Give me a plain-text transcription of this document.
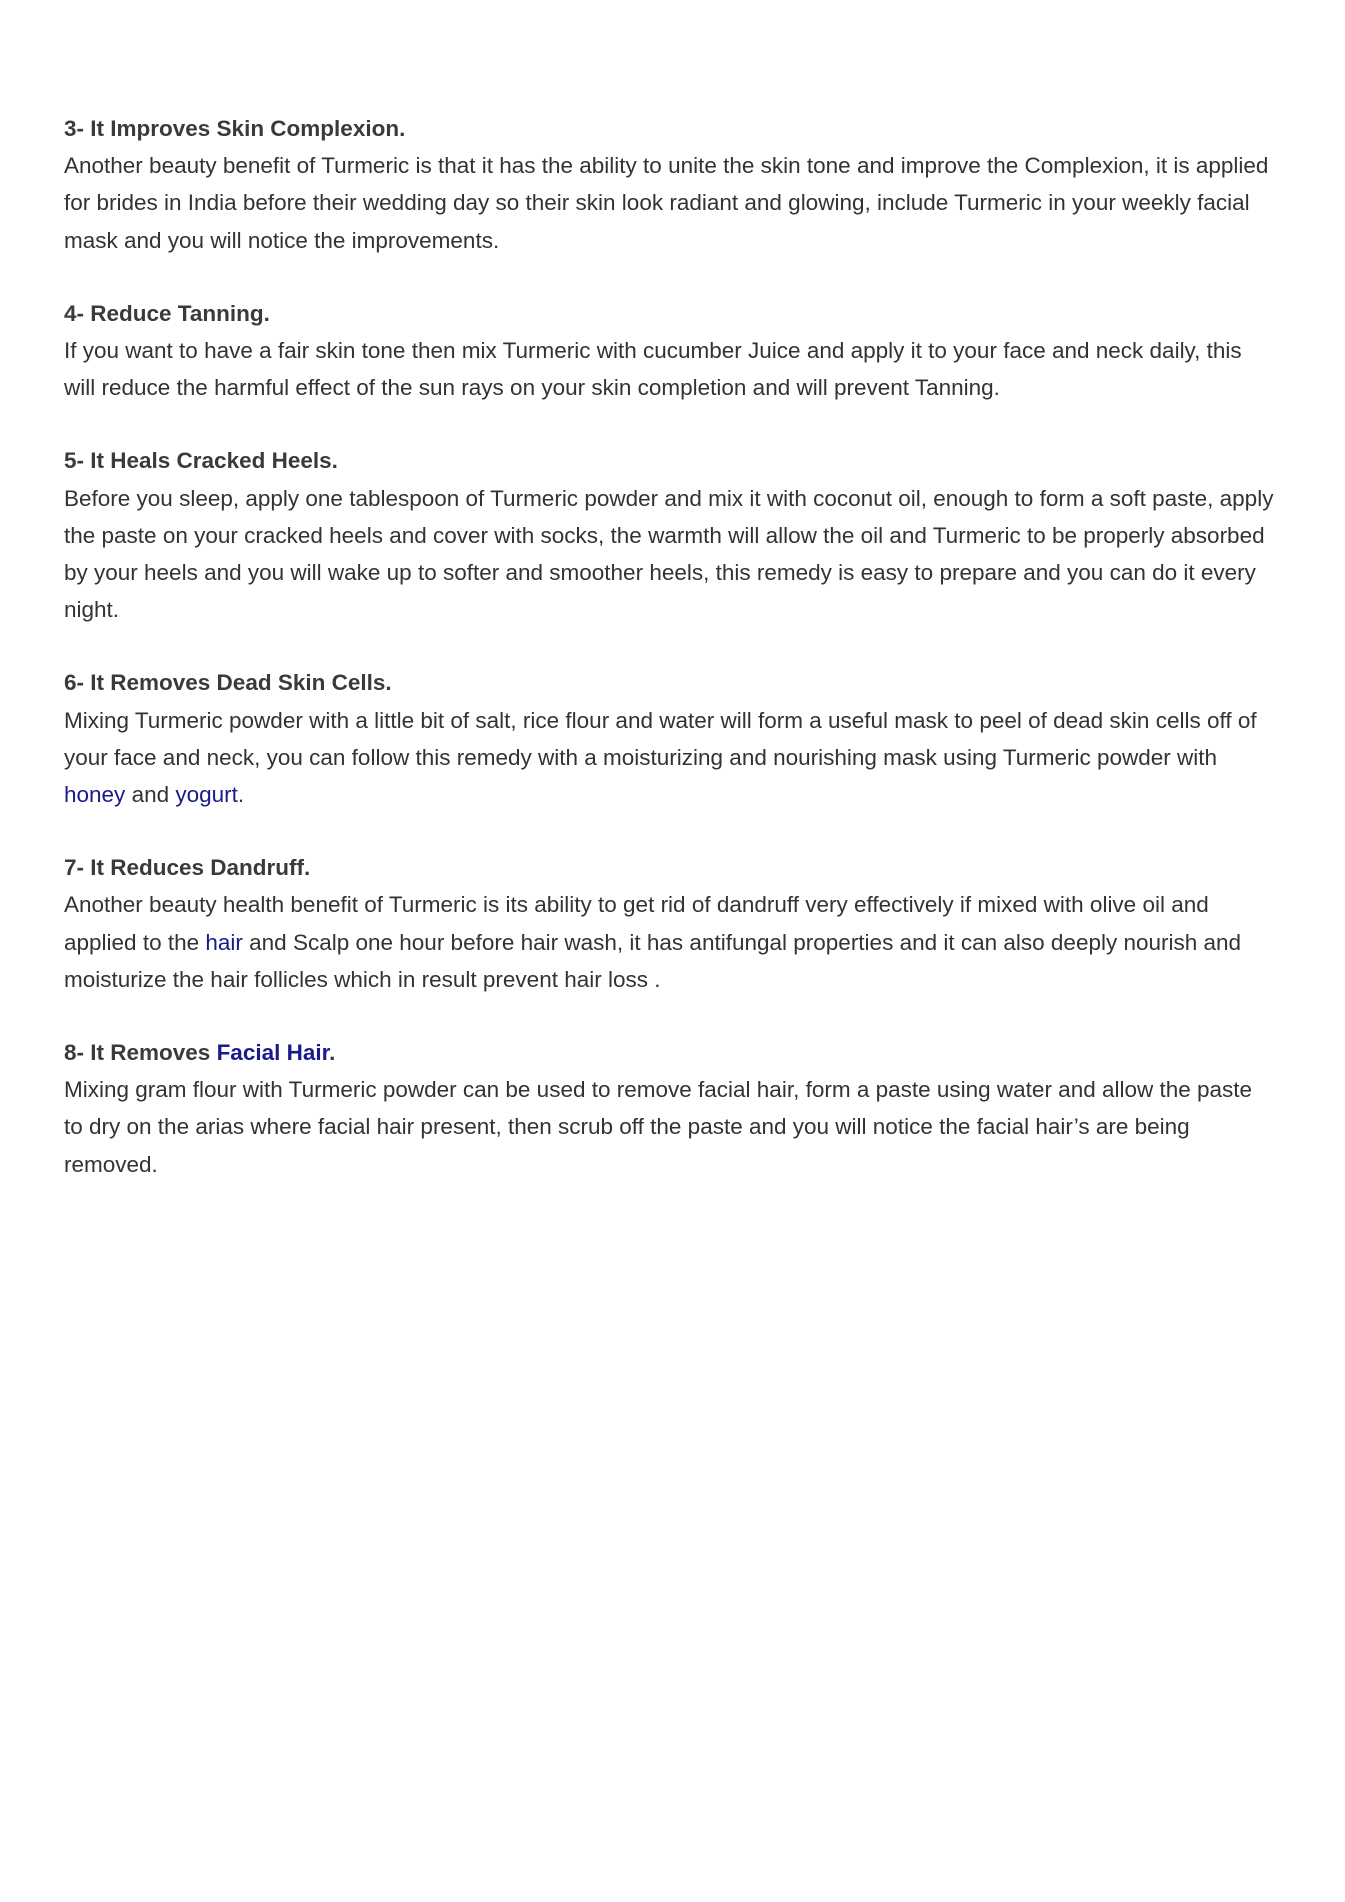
3- It Improves Skin Complexion.

Another beauty benefit of Turmeric is that it has the ability to unite the skin tone and improve the Complexion, it is applied for brides in India before their wedding day so their skin look radiant and glowing, include Turmeric in your weekly facial mask and you will notice the improvements.

4- Reduce Tanning.

If you want to have a fair skin tone then mix Turmeric with cucumber Juice and apply it to your face and neck daily, this will reduce the harmful effect of the sun rays on your skin completion and will prevent Tanning.

5- It Heals Cracked Heels.

Before you sleep, apply one tablespoon of Turmeric powder and mix it with coconut oil, enough to form a soft paste, apply the paste on your cracked heels and cover with socks, the warmth will allow the oil and Turmeric to be properly absorbed by your heels and you will wake up to softer and smoother heels, this remedy is easy to prepare and you can do it every night.

6- It Removes Dead Skin Cells.

Mixing Turmeric powder with a little bit of salt, rice flour and water will form a useful mask to peel of dead skin cells off of your face and neck, you can follow this remedy with a moisturizing and nourishing mask using Turmeric powder with honey and yogurt.

7- It Reduces Dandruff.

Another beauty health benefit of Turmeric is its ability to get rid of dandruff very effectively if mixed with olive oil and applied to the hair and Scalp one hour before hair wash, it has antifungal properties and it can also deeply nourish and moisturize the hair follicles which in result prevent hair loss .

8- It Removes Facial Hair.

Mixing gram flour with Turmeric powder can be used to remove facial hair, form a paste using water and allow the paste to dry on the arias where facial hair present, then scrub off the paste and you will notice the facial hair’s are being removed.
